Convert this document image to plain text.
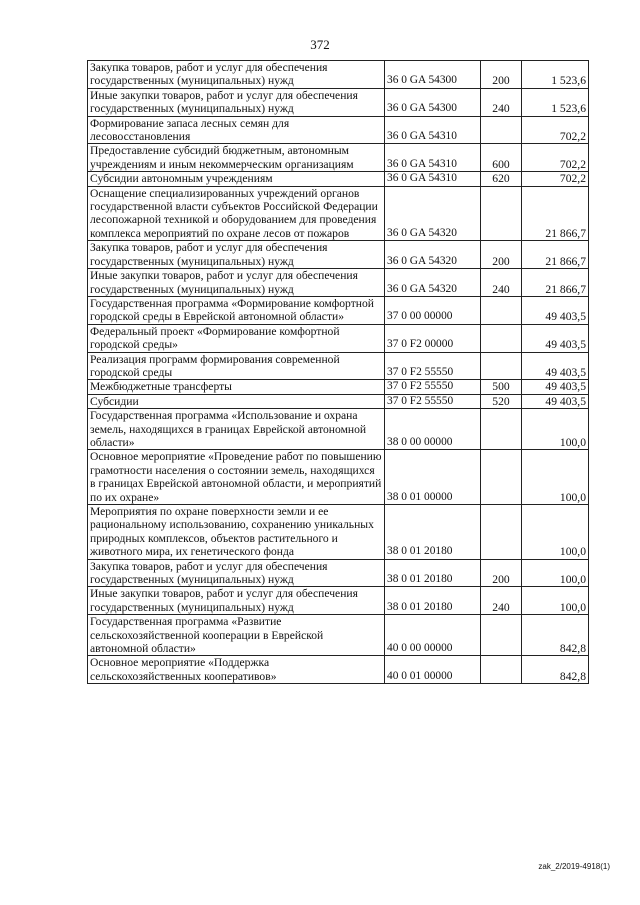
372
Закупка товаров, работ и услуг для обеспечения государственных (муниципальных) нужд	36 0 GA 54300	200	1 523,6
Иные закупки товаров, работ и услуг для обеспечения государственных (муниципальных) нужд	36 0 GA 54300	240	1 523,6
Формирование запаса лесных семян для лесовосстановления	36 0 GA 54310		702,2
Предоставление субсидий бюджетным, автономным учреждениям и иным некоммерческим организациям	36 0 GA 54310	600	702,2
Субсидии автономным учреждениям	36 0 GA 54310	620	702,2
Оснащение специализированных учреждений органов государственной власти субъектов Российской Федерации лесопожарной техникой и оборудованием для проведения комплекса мероприятий по охране лесов от пожаров	36 0 GA 54320		21 866,7
Закупка товаров, работ и услуг для обеспечения государственных (муниципальных) нужд	36 0 GA 54320	200	21 866,7
Иные закупки товаров, работ и услуг для обеспечения государственных (муниципальных) нужд	36 0 GA 54320	240	21 866,7
Государственная программа «Формирование комфортной городской среды в Еврейской автономной области»	37 0 00 00000		49 403,5
Федеральный проект «Формирование комфортной городской среды»	37 0 F2 00000		49 403,5
Реализация программ формирования современной городской среды	37 0 F2 55550		49 403,5
Межбюджетные трансферты	37 0 F2 55550	500	49 403,5
Субсидии	37 0 F2 55550	520	49 403,5
Государственная программа «Использование и охрана земель, находящихся в границах Еврейской автономной области»	38 0 00 00000		100,0
Основное мероприятие «Проведение работ по повышению грамотности населения о состоянии земель, находящихся в границах Еврейской автономной области, и мероприятий по их охране»	38 0 01 00000		100,0
Мероприятия по охране поверхности земли и ее рациональному использованию, сохранению уникальных природных комплексов, объектов растительного и животного мира, их генетического фонда	38 0 01 20180		100,0
Закупка товаров, работ и услуг для обеспечения государственных (муниципальных) нужд	38 0 01 20180	200	100,0
Иные закупки товаров, работ и услуг для обеспечения государственных (муниципальных) нужд	38 0 01 20180	240	100,0
Государственная программа «Развитие сельскохозяйственной кооперации в Еврейской автономной области»	40 0 00 00000		842,8
Основное мероприятие «Поддержка сельскохозяйственных кооперативов»	40 0 01 00000		842,8
zak_2/2019-4918(1)
